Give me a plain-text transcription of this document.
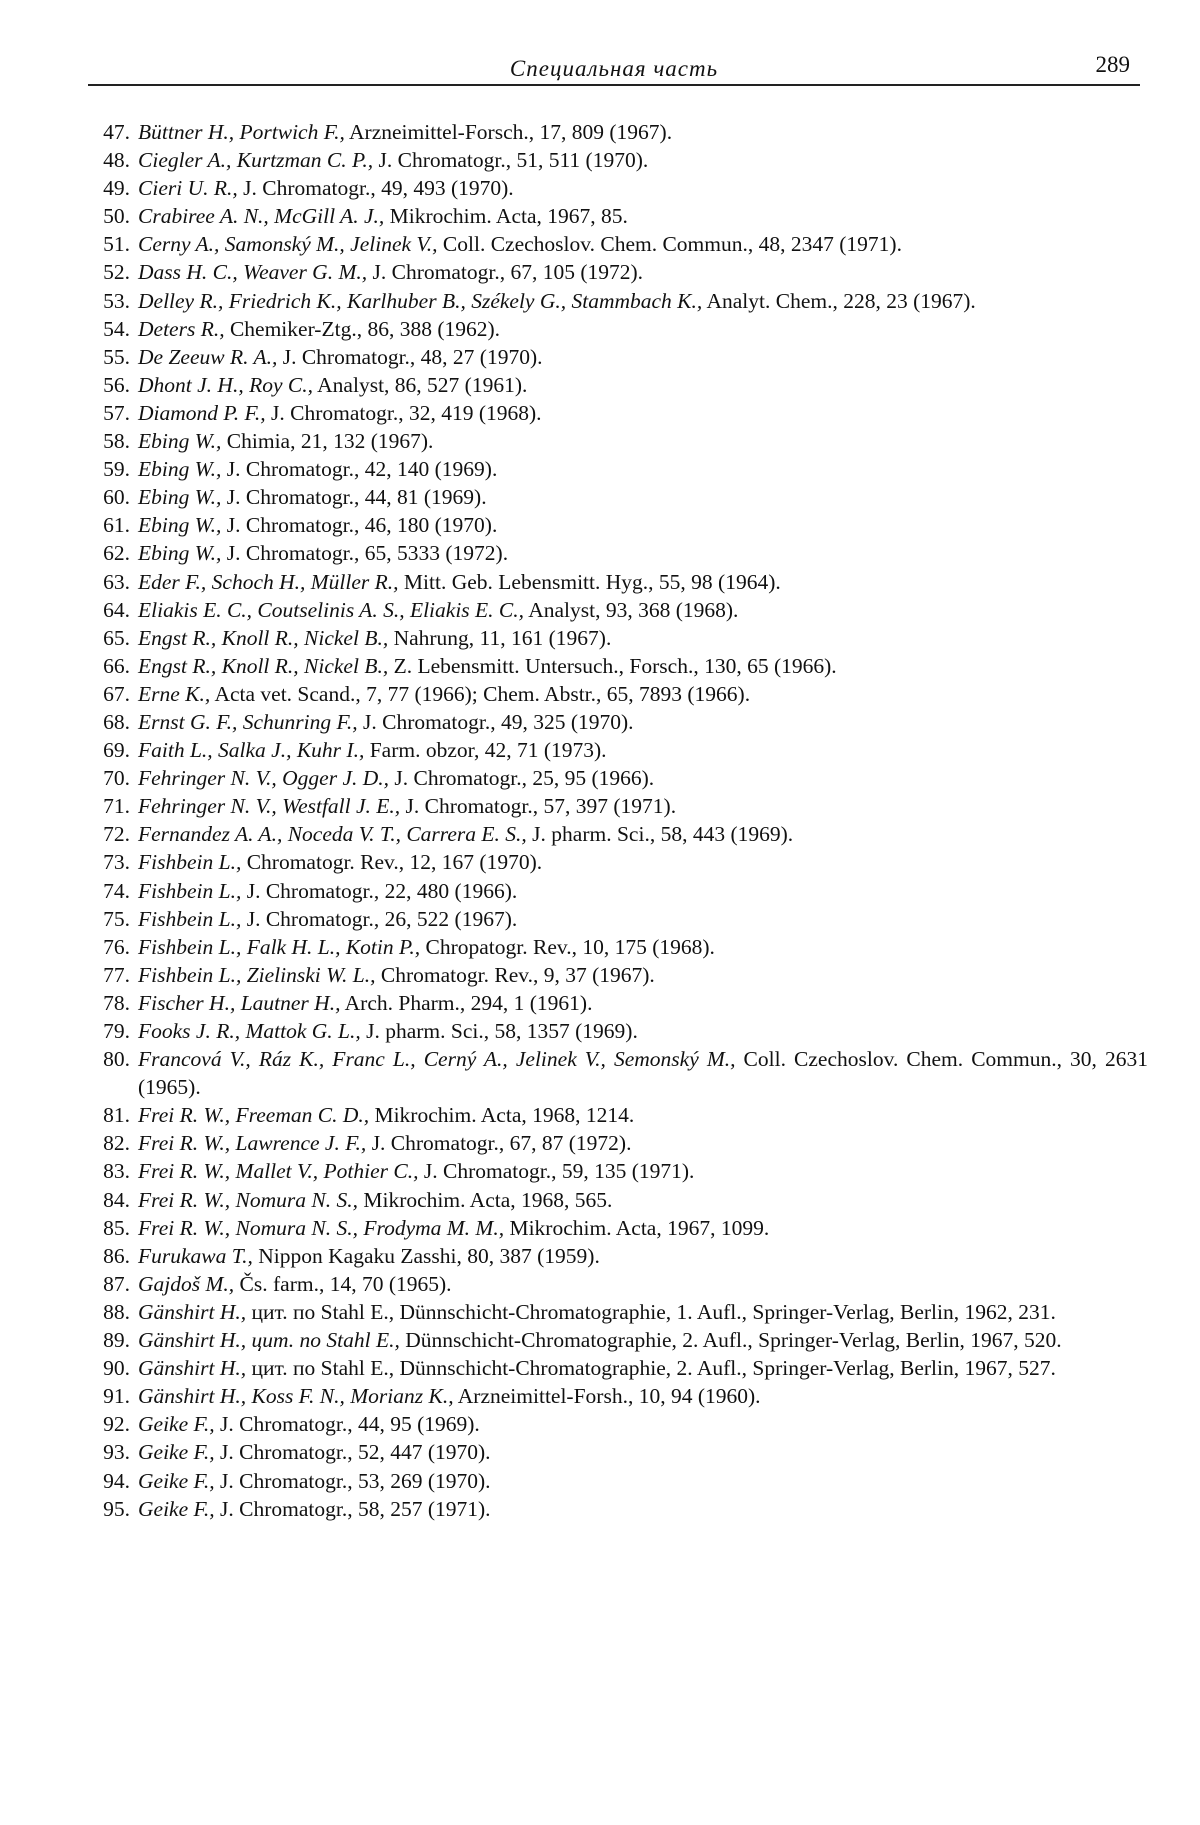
Специальная часть	289
47. Büttner H., Portwich F., Arzneimittel-Forsch., 17, 809 (1967).
48. Ciegler A., Kurtzman C. P., J. Chromatogr., 51, 511 (1970).
49. Cieri U. R., J. Chromatogr., 49, 493 (1970).
50. Crabiree A. N., McGill A. J., Mikrochim. Acta, 1967, 85.
51. Cerny A., Samonský M., Jelinek V., Coll. Czechoslov. Chem. Commun., 48, 2347 (1971).
52. Dass H. C., Weaver G. M., J. Chromatogr., 67, 105 (1972).
53. Delley R., Friedrich K., Karlhuber B., Székely G., Stammbach K., Analyt. Chem., 228, 23 (1967).
54. Deters R., Chemiker-Ztg., 86, 388 (1962).
55. De Zeeuw R. A., J. Chromatogr., 48, 27 (1970).
56. Dhont J. H., Roy C., Analyst, 86, 527 (1961).
57. Diamond P. F., J. Chromatogr., 32, 419 (1968).
58. Ebing W., Chimia, 21, 132 (1967).
59. Ebing W., J. Chromatogr., 42, 140 (1969).
60. Ebing W., J. Chromatogr., 44, 81 (1969).
61. Ebing W., J. Chromatogr., 46, 180 (1970).
62. Ebing W., J. Chromatogr., 65, 5333 (1972).
63. Eder F., Schoch H., Müller R., Mitt. Geb. Lebensmitt. Hyg., 55, 98 (1964).
64. Eliakis E. C., Coutselinis A. S., Eliakis E. C., Analyst, 93, 368 (1968).
65. Engst R., Knoll R., Nickel B., Nahrung, 11, 161 (1967).
66. Engst R., Knoll R., Nickel B., Z. Lebensmitt. Untersuch., Forsch., 130, 65 (1966).
67. Erne K., Acta vet. Scand., 7, 77 (1966); Chem. Abstr., 65, 7893 (1966).
68. Ernst G. F., Schunring F., J. Chromatogr., 49, 325 (1970).
69. Faith L., Salka J., Kuhr I., Farm. obzor, 42, 71 (1973).
70. Fehringer N. V., Ogger J. D., J. Chromatogr., 25, 95 (1966).
71. Fehringer N. V., Westfall J. E., J. Chromatogr., 57, 397 (1971).
72. Fernandez A. A., Noceda V. T., Carrera E. S., J. pharm. Sci., 58, 443 (1969).
73. Fishbein L., Chromatogr. Rev., 12, 167 (1970).
74. Fishbein L., J. Chromatogr., 22, 480 (1966).
75. Fishbein L., J. Chromatogr., 26, 522 (1967).
76. Fishbein L., Falk H. L., Kotin P., Chropatogr. Rev., 10, 175 (1968).
77. Fishbein L., Zielinski W. L., Chromatogr. Rev., 9, 37 (1967).
78. Fischer H., Lautner H., Arch. Pharm., 294, 1 (1961).
79. Fooks J. R., Mattok G. L., J. pharm. Sci., 58, 1357 (1969).
80. Francová V., Ráz K., Franc L., Cerný A., Jelinek V., Semonský M., Coll. Czechoslov. Chem. Commun., 30, 2631 (1965).
81. Frei R. W., Freeman C. D., Mikrochim. Acta, 1968, 1214.
82. Frei R. W., Lawrence J. F., J. Chromatogr., 67, 87 (1972).
83. Frei R. W., Mallet V., Pothier C., J. Chromatogr., 59, 135 (1971).
84. Frei R. W., Nomura N. S., Mikrochim. Acta, 1968, 565.
85. Frei R. W., Nomura N. S., Frodyma M. M., Mikrochim. Acta, 1967, 1099.
86. Furukawa T., Nippon Kagaku Zasshi, 80, 387 (1959).
87. Gajdoš M., Čs. farm., 14, 70 (1965).
88. Gänshirt H., цит. по Stahl E., Dünnschicht-Chromatographie, 1. Aufl., Springer-Verlag, Berlin, 1962, 231.
89. Gänshirt H., цит. по Stahl E., Dünnschicht-Chromatographie, 2. Aufl., Springer-Verlag, Berlin, 1967, 520.
90. Gänshirt H., цит. по Stahl E., Dünnschicht-Chromatographie, 2. Aufl., Springer-Verlag, Berlin, 1967, 527.
91. Gänshirt H., Koss F. N., Morianz K., Arzneimittel-Forsh., 10, 94 (1960).
92. Geike F., J. Chromatogr., 44, 95 (1969).
93. Geike F., J. Chromatogr., 52, 447 (1970).
94. Geike F., J. Chromatogr., 53, 269 (1970).
95. Geike F., J. Chromatogr., 58, 257 (1971).
